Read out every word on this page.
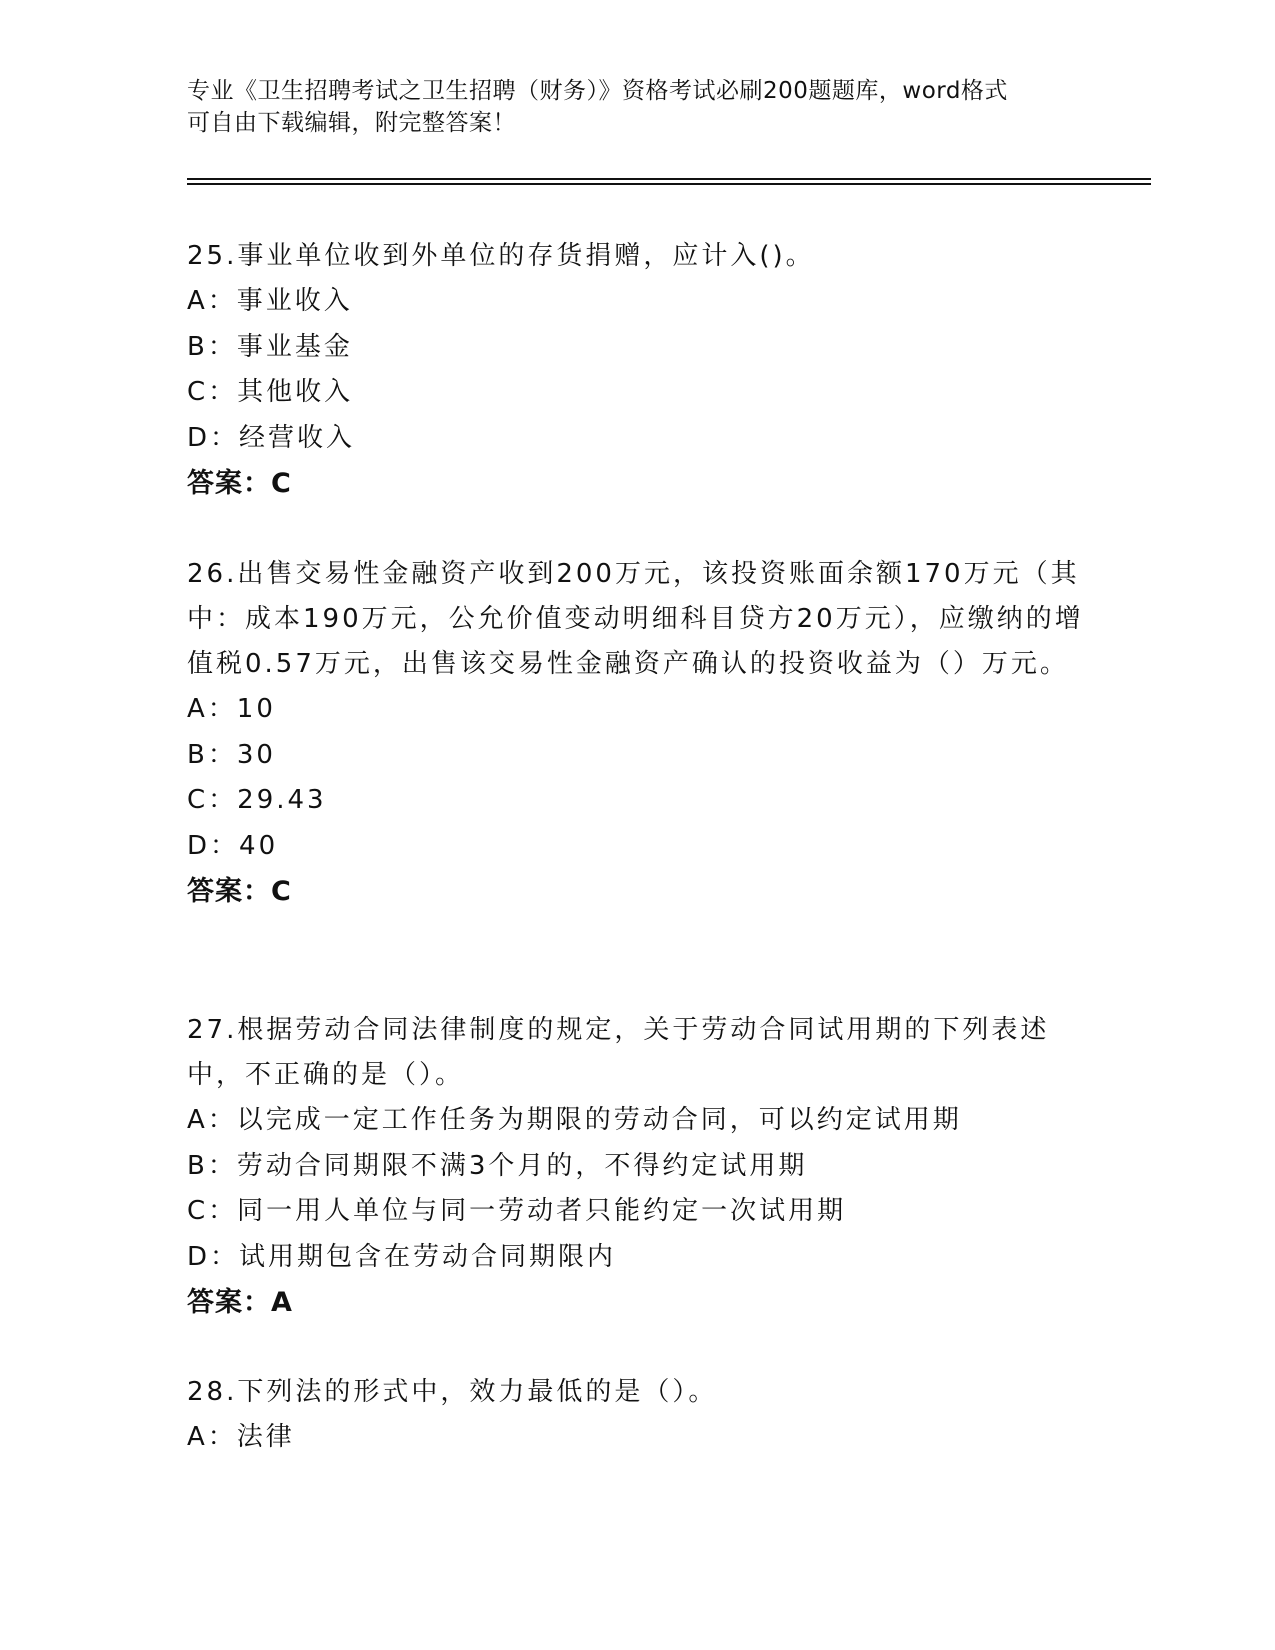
专业《卫生招聘考试之卫生招聘（财务）》资格考试必刷200题题库，word格式
可自由下载编辑，附完整答案！

25.事业单位收到外单位的存货捐赠，应计入()。

A：事业收入

B：事业基金

C：其他收入

D：经营收入

答案：C

26.出售交易性金融资产收到200万元，该投资账面余额170万元（其中：成本190万元，公允价值变动明细科目贷方20万元），应缴纳的增值税0.57万元，出售该交易性金融资产确认的投资收益为（）万元。

A：10

B：30

C：29.43

D：40

答案：C

27.根据劳动合同法律制度的规定，关于劳动合同试用期的下列表述中，不正确的是（）。

A：以完成一定工作任务为期限的劳动合同，可以约定试用期

B：劳动合同期限不满3个月的，不得约定试用期

C：同一用人单位与同一劳动者只能约定一次试用期

D：试用期包含在劳动合同期限内

答案：A

28.下列法的形式中，效力最低的是（）。

A：法律
